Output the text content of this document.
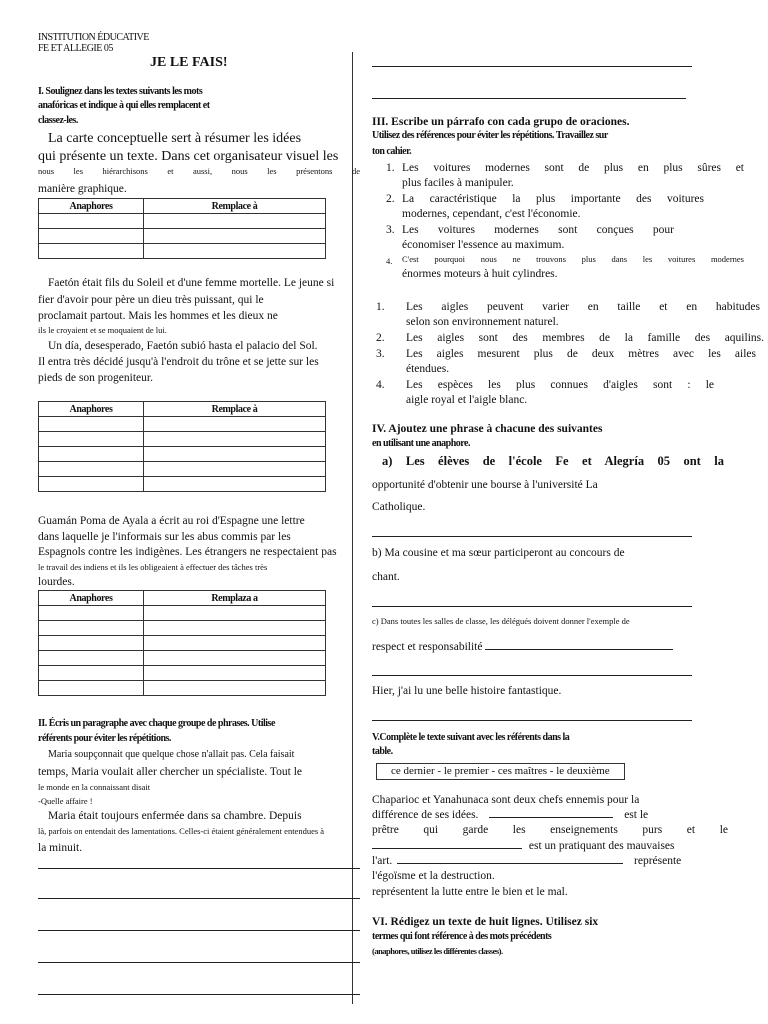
INSTITUTION ÉDUCATIVE
FE ET ALLEGIE 05
JE LE FAIS!
I. Soulignez dans les textes suivants les mots
anafóricas et indique à qui elles remplacent et
classez-les.
La carte conceptuelle sert à résumer les idées
qui présente un texte. Dans cet organisateur visuel les
nous les hiérarchisons et aussi, nous les présentons de
manière graphique.
Anaphores	Remplace à

Faetón était fils du Soleil et d'une femme mortelle. Le jeune si
fier d'avoir pour père un dieu très puissant, qui le
proclamait partout. Mais les hommes et les dieux ne
ils le croyaient et se moquaient de lui.
Un día, desesperado, Faetón subió hasta el palacio del Sol.
Il entra très décidé jusqu'à l'endroit du trône et se jette sur les
pieds de son progeniteur.
Anaphores	Remplace à

Guamán Poma de Ayala a écrit au roi d'Espagne une lettre
dans laquelle je l'informais sur les abus commis par les
Espagnols contre les indigènes. Les étrangers ne respectaient pas
le travail des indiens et ils les obligeaient à effectuer des tâches très
lourdes.
Anaphores	Remplaza a

II. Écris un paragraphe avec chaque groupe de phrases. Utilise
référents pour éviter les répétitions.
Maria soupçonnait que quelque chose n'allait pas. Cela faisait
temps, Maria voulait aller chercher un spécialiste. Tout le
le monde en la connaissant disait
-Quelle affaire !
Maria était toujours enfermée dans sa chambre. Depuis
là, parfois on entendait des lamentations. Celles-ci étaient généralement entendues à
la minuit.
III. Escribe un párrafo con cada grupo de oraciones.
Utilisez des références pour éviter les répétitions. Travaillez sur
ton cahier.
1. Les voitures modernes sont de plus en plus sûres et
plus faciles à manipuler.
2. La caractéristique la plus importante des voitures
modernes, cependant, c'est l'économie.
3. Les voitures modernes sont conçues pour
économiser l'essence au maximum.
4. C'est pourquoi nous ne trouvons plus dans les voitures modernes
énormes moteurs à huit cylindres.
1. Les aigles peuvent varier en taille et en habitudes
selon son environnement naturel.
2. Les aigles sont des membres de la famille des aquilins.
3. Les aigles mesurent plus de deux mètres avec les ailes
étendues.
4. Les espèces les plus connues d'aigles sont : le
aigle royal et l'aigle blanc.
IV. Ajoutez une phrase à chacune des suivantes
en utilisant une anaphore.
a) Les élèves de l'école Fe et Alegría 05 ont la
opportunité d'obtenir une bourse à l'université La
Catholique.
b) Ma cousine et ma sœur participeront au concours de
chant.
c) Dans toutes les salles de classe, les délégués doivent donner l'exemple de
respect et responsabilité
Hier, j'ai lu une belle histoire fantastique.
V.Complète le texte suivant avec les référents dans la
table.
ce dernier - le premier - ces maîtres - le deuxième
Chaparioc et Yanahunaca sont deux chefs ennemis pour la
différence de ses idées.	est le
prêtre qui garde les enseignements purs et le
est un pratiquant des mauvaises
l'art.	représente
l'égoïsme et la destruction.
représentent la lutte entre le bien et le mal.
VI. Rédigez un texte de huit lignes. Utilisez six
termes qui font référence à des mots précédents
(anaphores, utilisez les différentes classes).
